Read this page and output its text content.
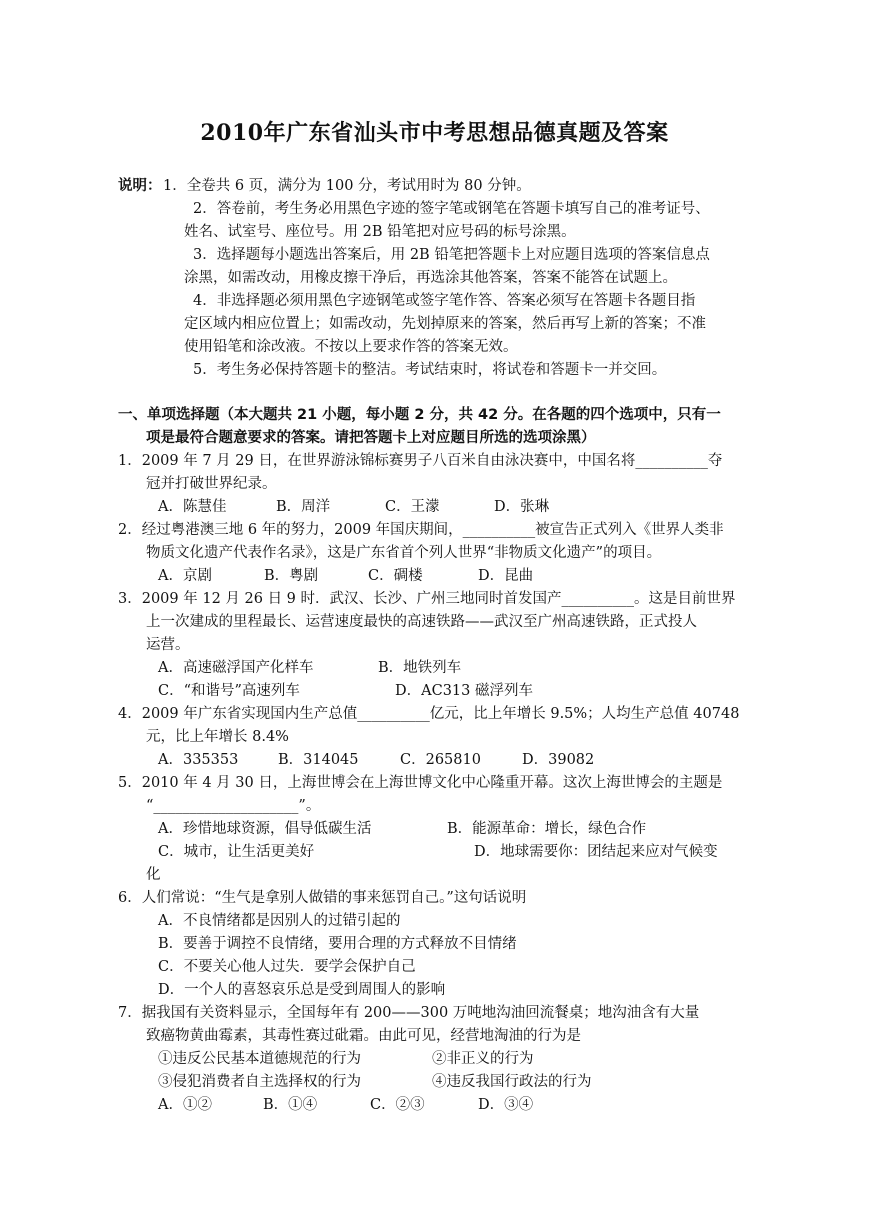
2010年广东省汕头市中考思想品德真题及答案
说明： 1．全卷共 6 页，满分为 100 分，考试用时为 80 分钟。
2．答卷前，考生务必用黑色字迹的签字笔或钢笔在答题卡填写自己的准考证号、
姓名、试室号、座位号。用 2B 铅笔把对应号码的标号涂黑。
3．选择题每小题选出答案后，用 2B 铅笔把答题卡上对应题目选项的答案信息点
涂黑，如需改动，用橡皮擦干净后，再选涂其他答案，答案不能答在试题上。
4．非选择题必须用黑色字迹钢笔或签字笔作答、答案必须写在答题卡各题目指
定区域内相应位置上；如需改动，先划掉原来的答案，然后再写上新的答案；不准
使用铅笔和涂改液。不按以上要求作答的答案无效。
5．考生务必保持答题卡的整洁。考试结束时，将试卷和答题卡一并交回。
一、单项选择题（本大题共 21 小题，每小题 2 分，共 42 分。在各题的四个选项中，只有一
项是最符合题意要求的答案。请把答题卡上对应题目所选的选项涂黑）
1．2009 年 7 月 29 日，在世界游泳锦标赛男子八百米自由泳决赛中，中国名将__________夺
冠并打破世界纪录。
A．陈慧佳	B．周洋	C．王濛	D．张琳
2．经过粤港澳三地 6 年的努力，2009 年国庆期间，__________被宣告正式列入《世界人类非
物质文化遗产代表作名录》，这是广东省首个列人世界“非物质文化遗产”的项目。
A．京剧	B．粤剧	C．碉楼	D．昆曲
3．2009 年 12 月 26 日 9 时．武汉、长沙、广州三地同时首发国产__________。这是目前世界
上一次建成的里程最长、运营速度最快的高速铁路——武汉至广州高速铁路，正式投人
运营。
A．高速磁浮国产化样车	B．地铁列车
C．“和谐号”高速列车	D．AC313 磁浮列车
4．2009 年广东省实现国内生产总值__________亿元，比上年增长 9.5%；人均生产总值 40748
元，比上年增长 8.4%
A．335353	B．314045	C．265810	D．39082
5．2010 年 4 月 30 日，上海世博会在上海世博文化中心隆重开幕。这次上海世博会的主题是
“____________________”。
A．珍惜地球资源，倡导低碳生活	B．能源革命：增长，绿色合作
C．城市，让生活更美好	D．地球需要你：团结起来应对气候变
化
6．人们常说：“生气是拿别人做错的事来惩罚自己。”这句话说明
A．不良情绪都是因别人的过错引起的
B．要善于调控不良情绪，要用合理的方式释放不目情绪
C．不要关心他人过失．要学会保护自己
D．一个人的喜怒哀乐总是受到周围人的影响
7．据我国有关资料显示，全国每年有 200——300 万吨地沟油回流餐桌；地沟油含有大量
致癌物黄曲霉素，其毒性赛过砒霜。由此可见，经营地淘油的行为是
①违反公民基本道德规范的行为	②非正义的行为
③侵犯消费者自主选择权的行为	④违反我国行政法的行为
A．①②	B．①④	C．②③	D．③④
